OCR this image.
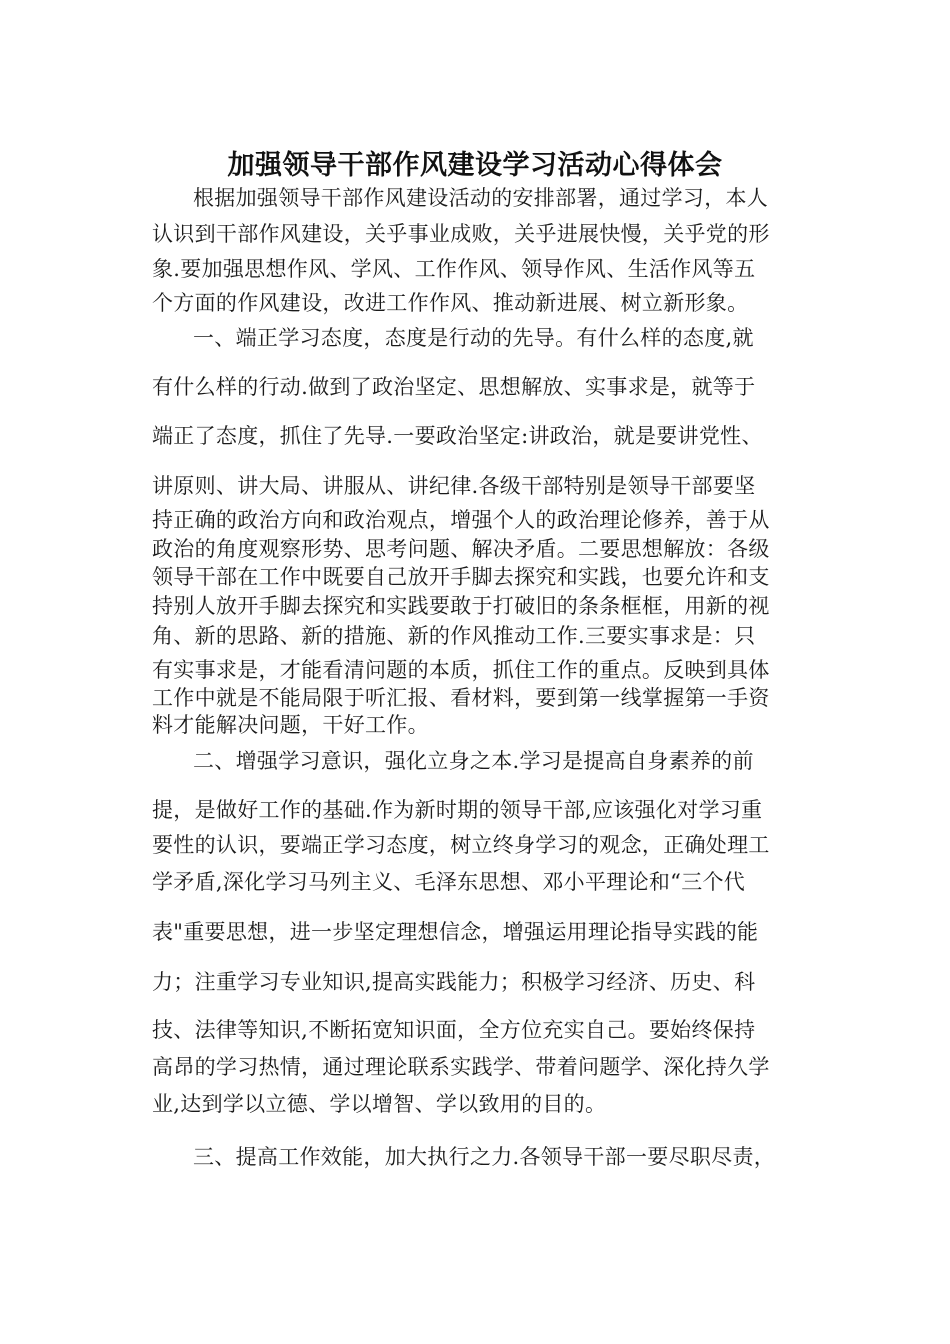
加强领导干部作风建设学习活动心得体会
根据加强领导干部作风建设活动的安排部署，通过学习，本人
认识到干部作风建设，关乎事业成败，关乎进展快慢，关乎党的形
象.要加强思想作风、学风、工作作风、领导作风、生活作风等五
个方面的作风建设，改进工作作风、推动新进展、树立新形象。
一、端正学习态度，态度是行动的先导。有什么样的态度,就
有什么样的行动.做到了政治坚定、思想解放、实事求是，就等于
端正了态度，抓住了先导.一要政治坚定:讲政治，就是要讲党性、
讲原则、讲大局、讲服从、讲纪律.各级干部特别是领导干部要坚
持正确的政治方向和政治观点，增强个人的政治理论修养，善于从
政治的角度观察形势、思考问题、解决矛盾。二要思想解放：各级
领导干部在工作中既要自己放开手脚去探究和实践，也要允许和支
持别人放开手脚去探究和实践要敢于打破旧的条条框框，用新的视
角、新的思路、新的措施、新的作风推动工作.三要实事求是：只
有实事求是，才能看清问题的本质，抓住工作的重点。反映到具体
工作中就是不能局限于听汇报、看材料，要到第一线掌握第一手资
料才能解决问题，干好工作。
二、增强学习意识，强化立身之本.学习是提高自身素养的前
提，是做好工作的基础.作为新时期的领导干部,应该强化对学习重
要性的认识，要端正学习态度，树立终身学习的观念，正确处理工
学矛盾,深化学习马列主义、毛泽东思想、邓小平理论和“三个代
表"重要思想，进一步坚定理想信念，增强运用理论指导实践的能
力；注重学习专业知识,提高实践能力；积极学习经济、历史、科
技、法律等知识,不断拓宽知识面，全方位充实自己。要始终保持
高昂的学习热情，通过理论联系实践学、带着问题学、深化持久学
业,达到学以立德、学以增智、学以致用的目的。
三、提高工作效能，加大执行之力.各领导干部一要尽职尽责，
